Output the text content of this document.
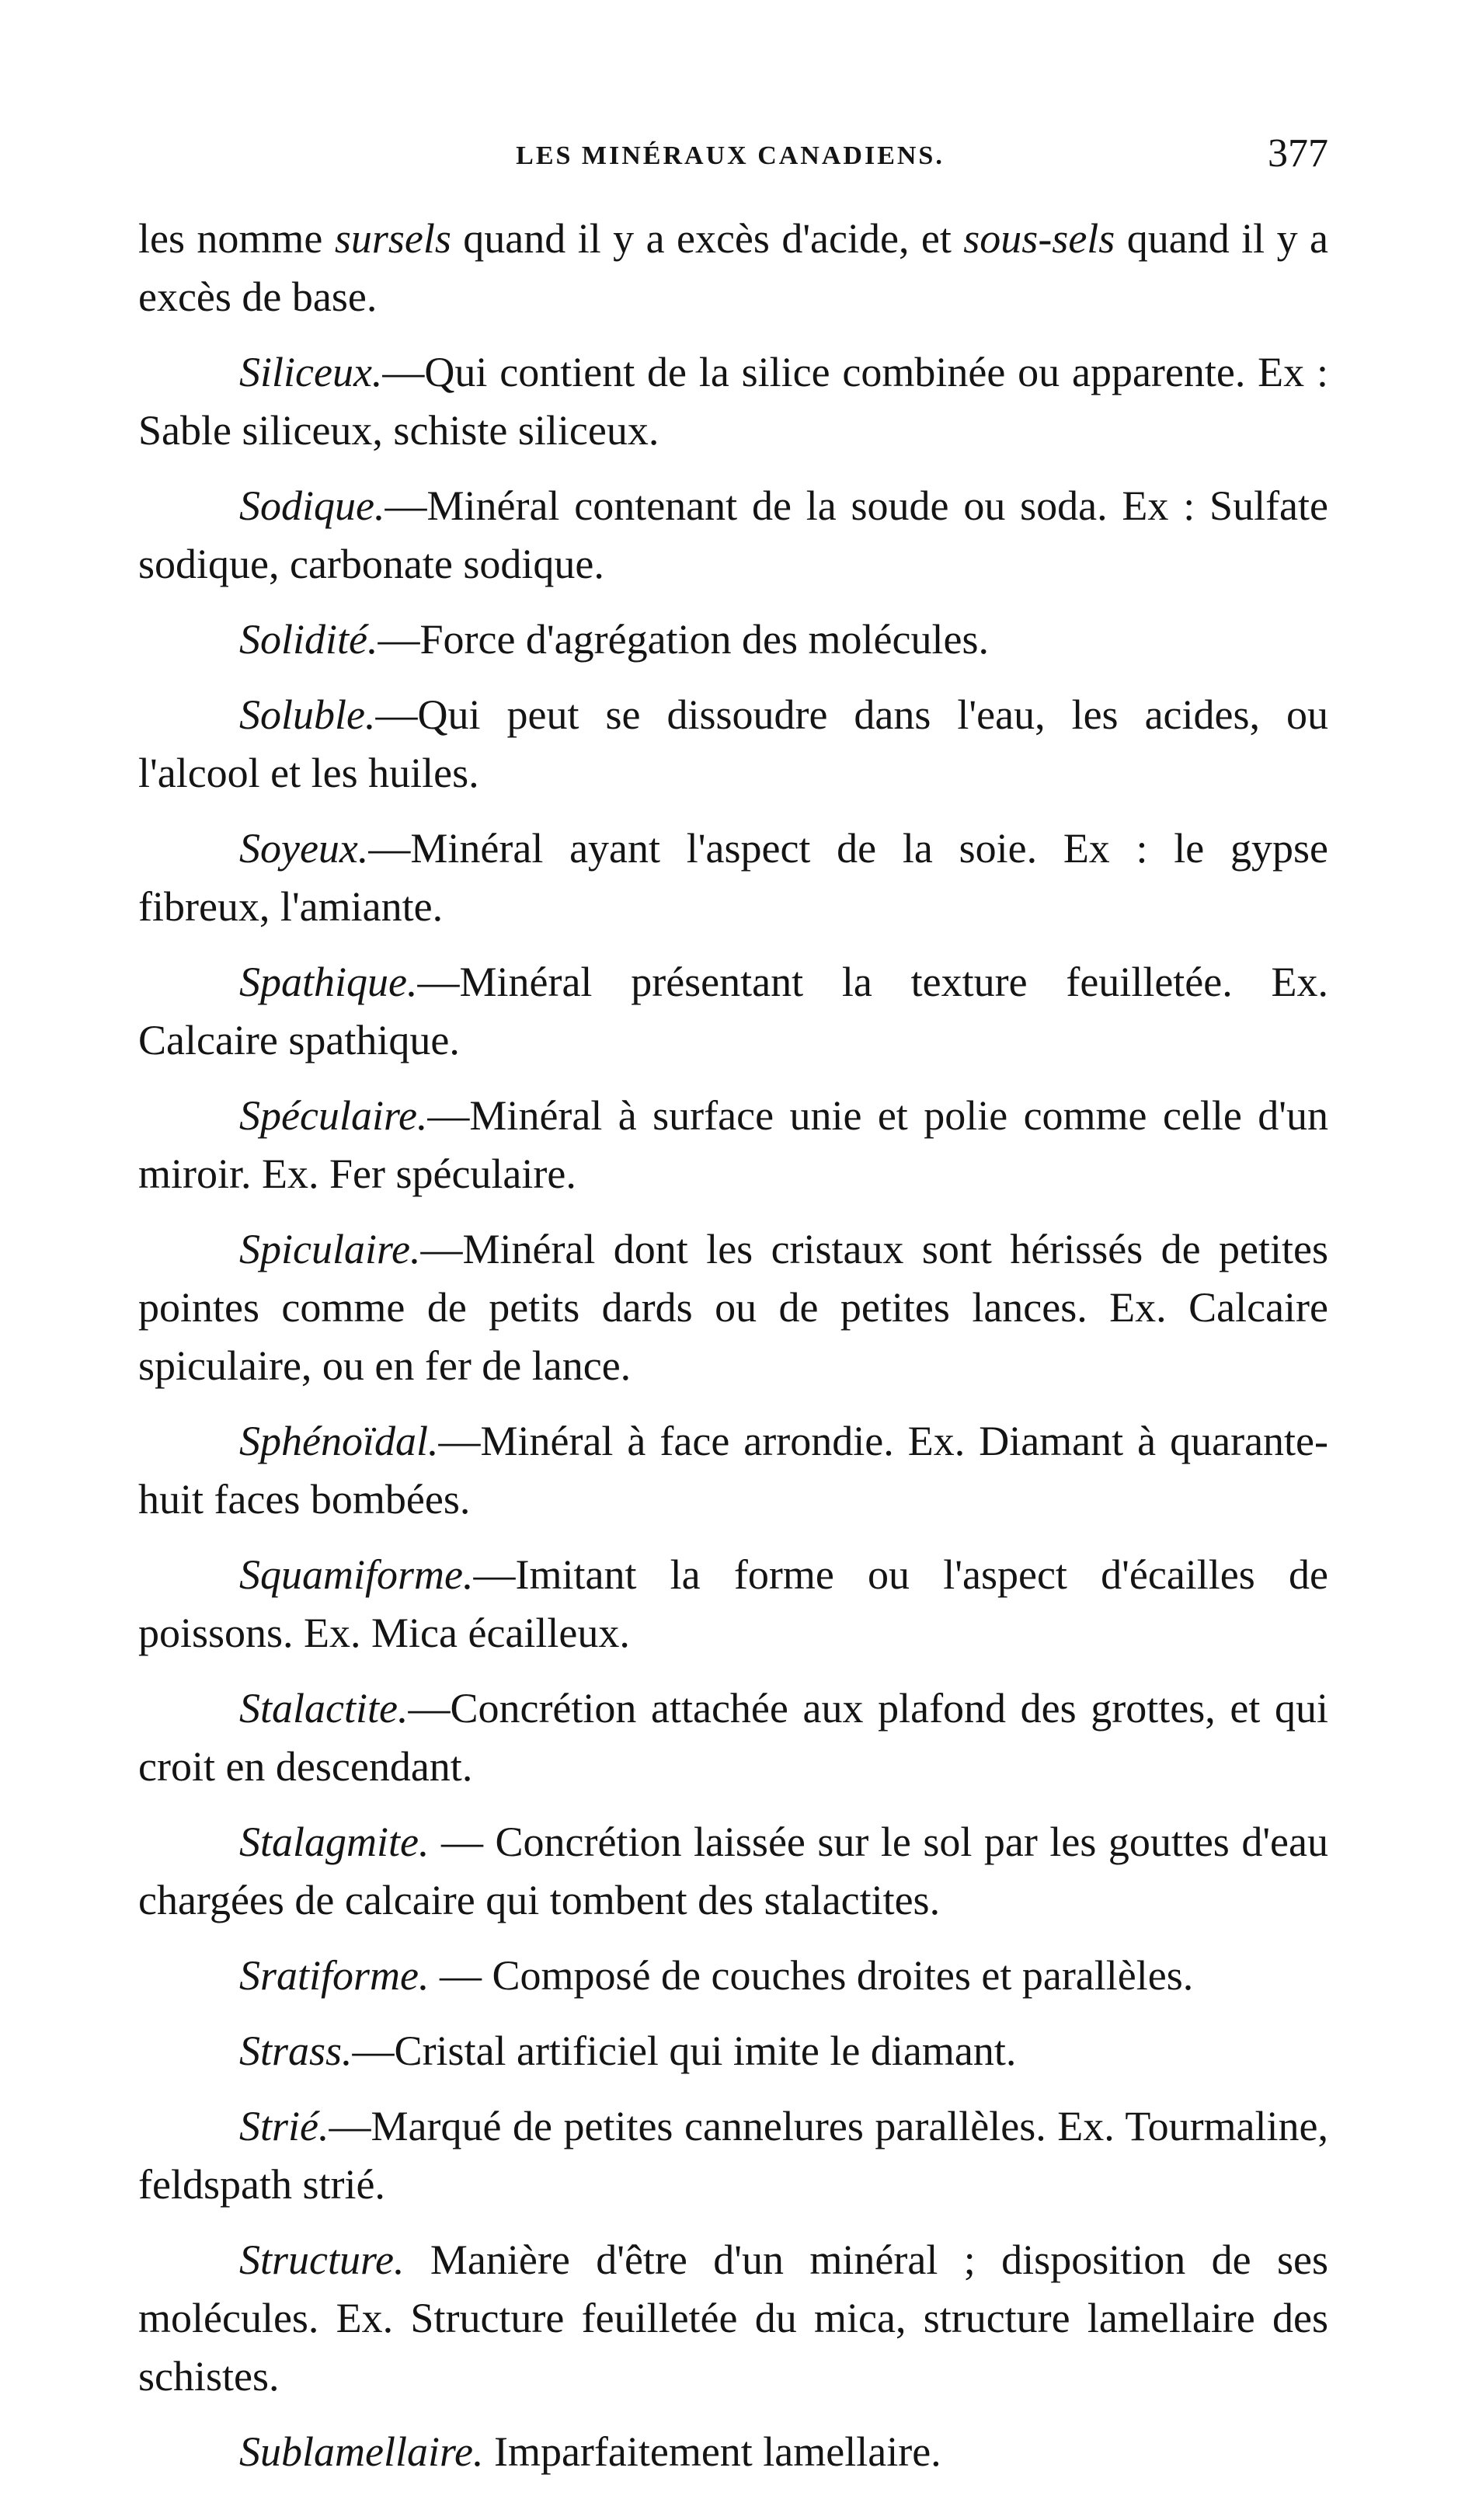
LES MINÉRAUX CANADIENS.	377

les nomme sursels quand il y a excès d'acide, et sous-sels quand il y a excès de base.

Siliceux.—Qui contient de la silice combinée ou apparente. Ex : Sable siliceux, schiste siliceux.

Sodique.—Minéral contenant de la soude ou soda. Ex : Sulfate sodique, carbonate sodique.

Solidité.—Force d'agrégation des molécules.

Soluble.—Qui peut se dissoudre dans l'eau, les acides, ou l'alcool et les huiles.

Soyeux.—Minéral ayant l'aspect de la soie. Ex : le gypse fibreux, l'amiante.

Spathique.—Minéral présentant la texture feuilletée. Ex. Calcaire spathique.

Spéculaire.—Minéral à surface unie et polie comme celle d'un miroir. Ex. Fer spéculaire.

Spiculaire.—Minéral dont les cristaux sont hérissés de petites pointes comme de petits dards ou de petites lances. Ex. Calcaire spiculaire, ou en fer de lance.

Sphénoïdal.—Minéral à face arrondie. Ex. Diamant à quarante-huit faces bombées.

Squamiforme.—Imitant la forme ou l'aspect d'écailles de poissons. Ex. Mica écailleux.

Stalactite.—Concrétion attachée aux plafond des grottes, et qui croit en descendant.

Stalagmite. — Concrétion laissée sur le sol par les gouttes d'eau chargées de calcaire qui tombent des stalactites.

Sratiforme. — Composé de couches droites et parallèles.

Strass.—Cristal artificiel qui imite le diamant.

Strié.—Marqué de petites cannelures parallèles. Ex. Tourmaline, feldspath strié.

Structure. Manière d'être d'un minéral ; disposition de ses molécules. Ex. Structure feuilletée du mica, structure lamellaire des schistes.

Sublamellaire. Imparfaitement lamellaire.
